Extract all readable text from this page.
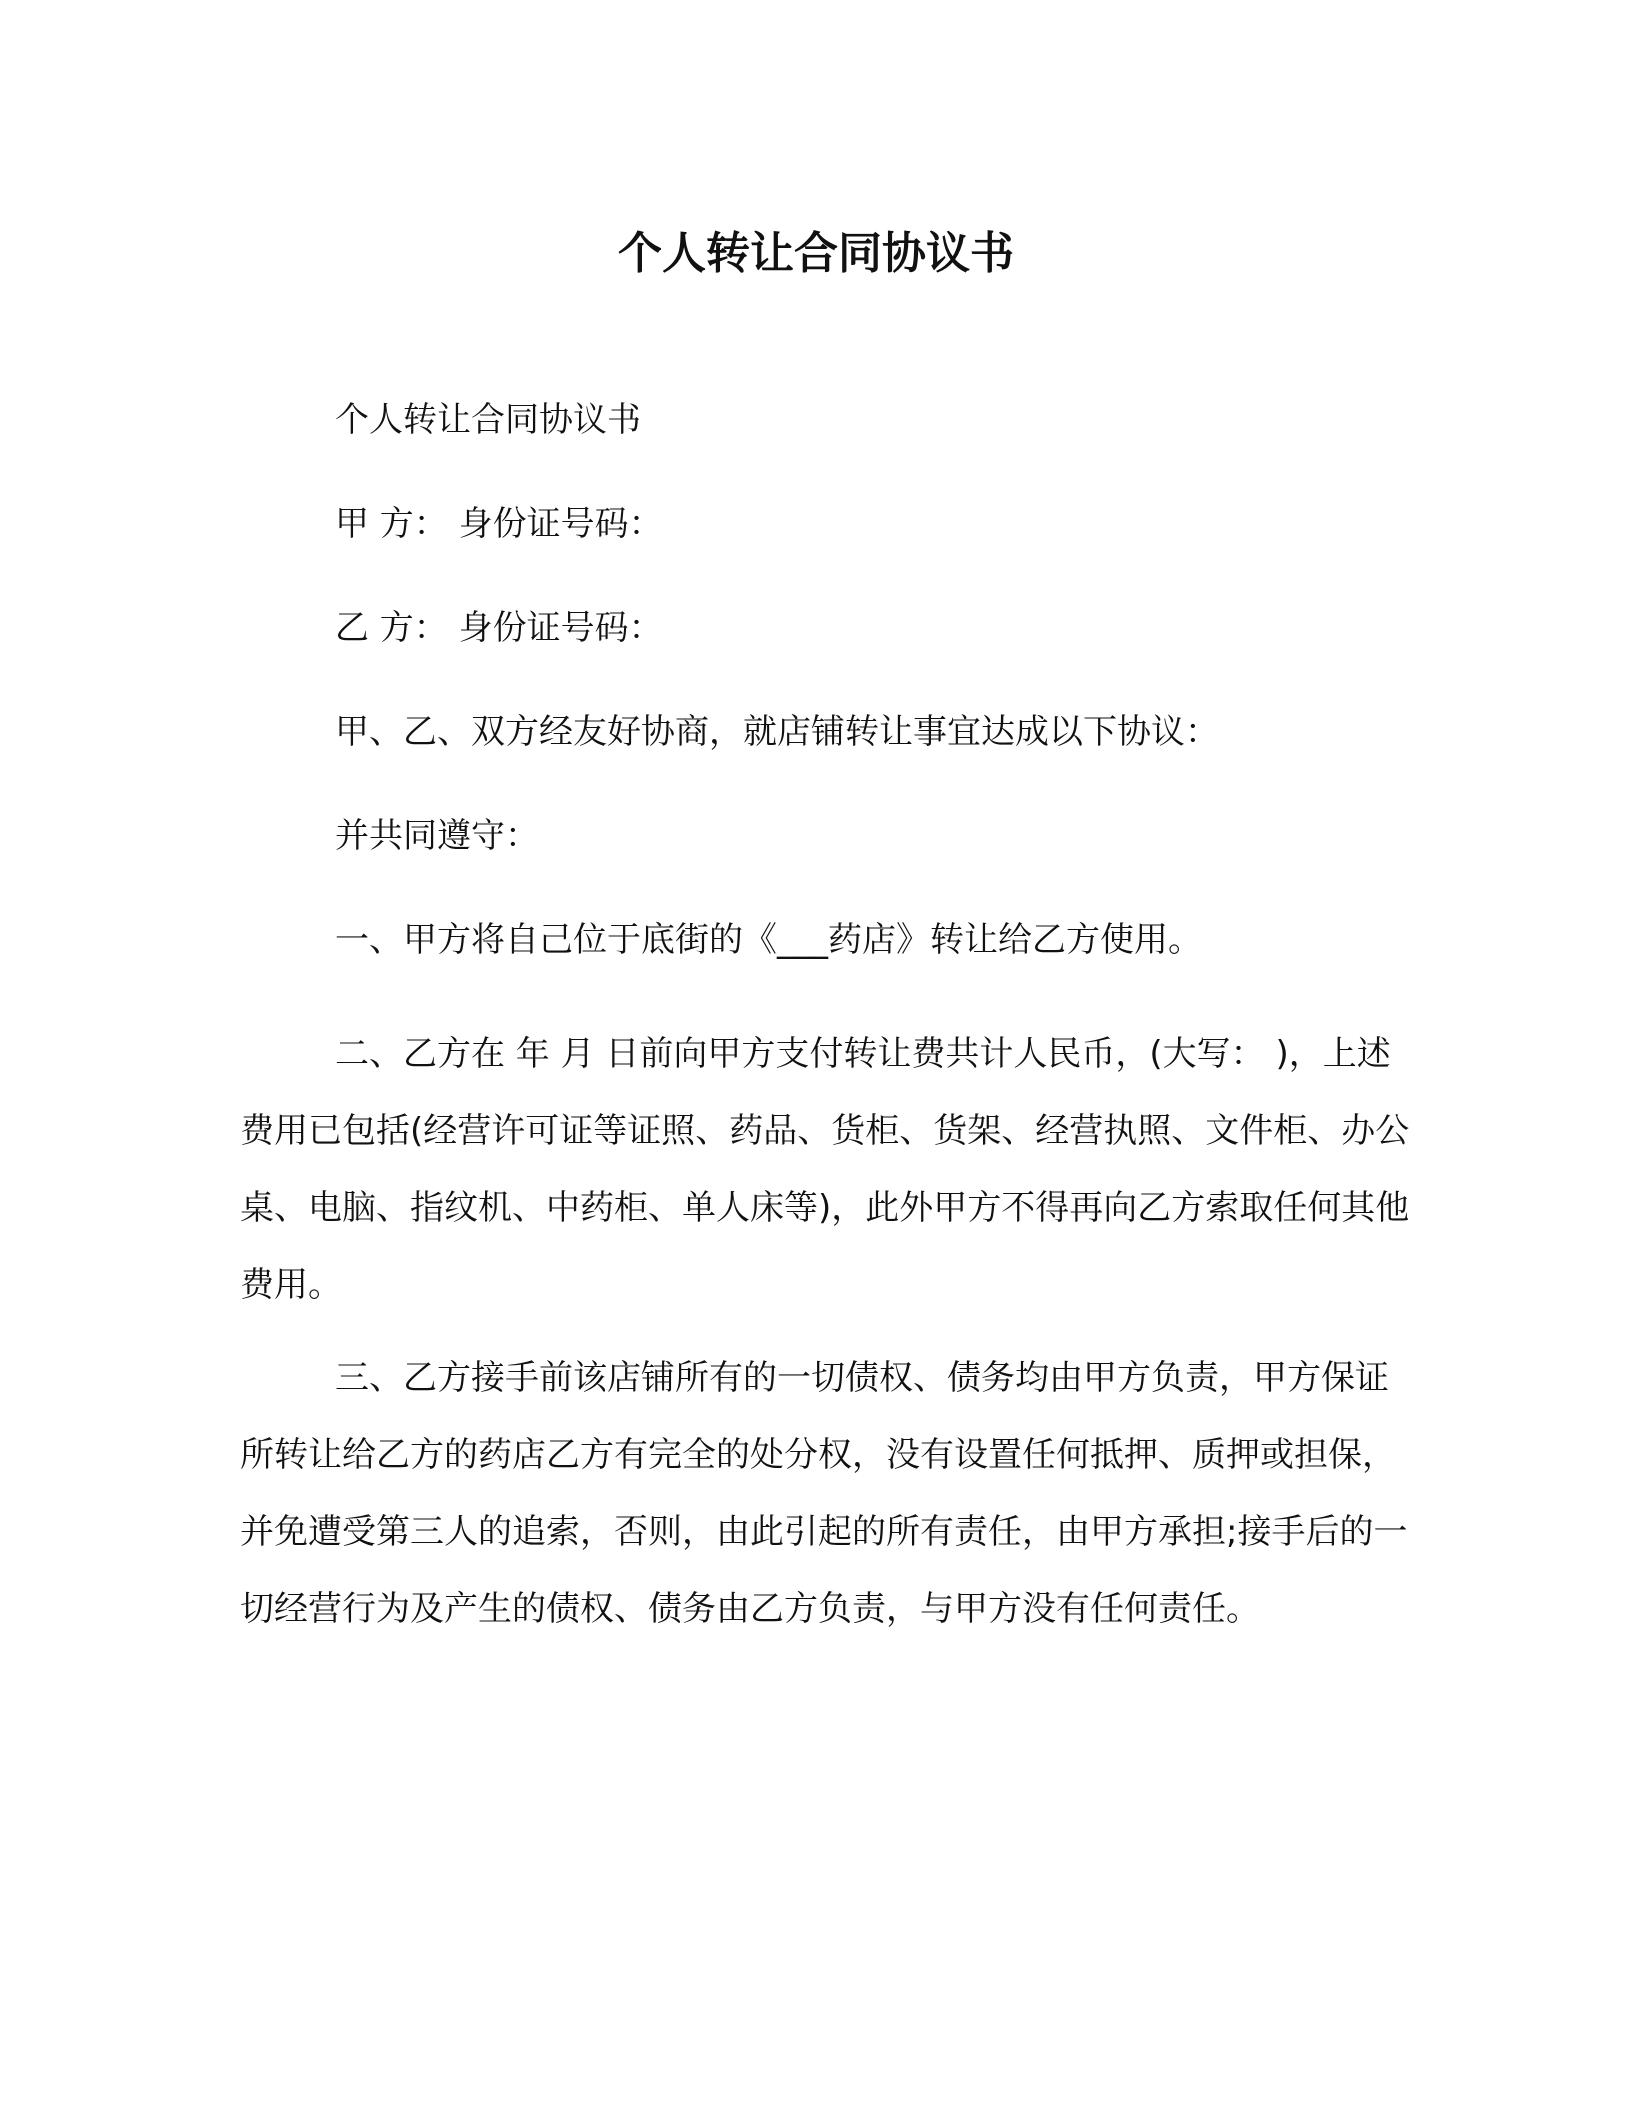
个人转让合同协议书

个人转让合同协议书

甲 方： 身份证号码：

乙 方： 身份证号码：

甲、乙、双方经友好协商，就店铺转让事宜达成以下协议：

并共同遵守：

一、甲方将自己位于底街的《___药店》转让给乙方使用。

二、乙方在 年 月 日前向甲方支付转让费共计人民币，(大写： )，上述费用已包括(经营许可证等证照、药品、货柜、货架、经营执照、文件柜、办公桌、电脑、指纹机、中药柜、单人床等)，此外甲方不得再向乙方索取任何其他费用。

三、乙方接手前该店铺所有的一切债权、债务均由甲方负责，甲方保证所转让给乙方的药店乙方有完全的处分权，没有设置任何抵押、质押或担保，并免遭受第三人的追索，否则，由此引起的所有责任，由甲方承担;接手后的一切经营行为及产生的债权、债务由乙方负责，与甲方没有任何责任。
